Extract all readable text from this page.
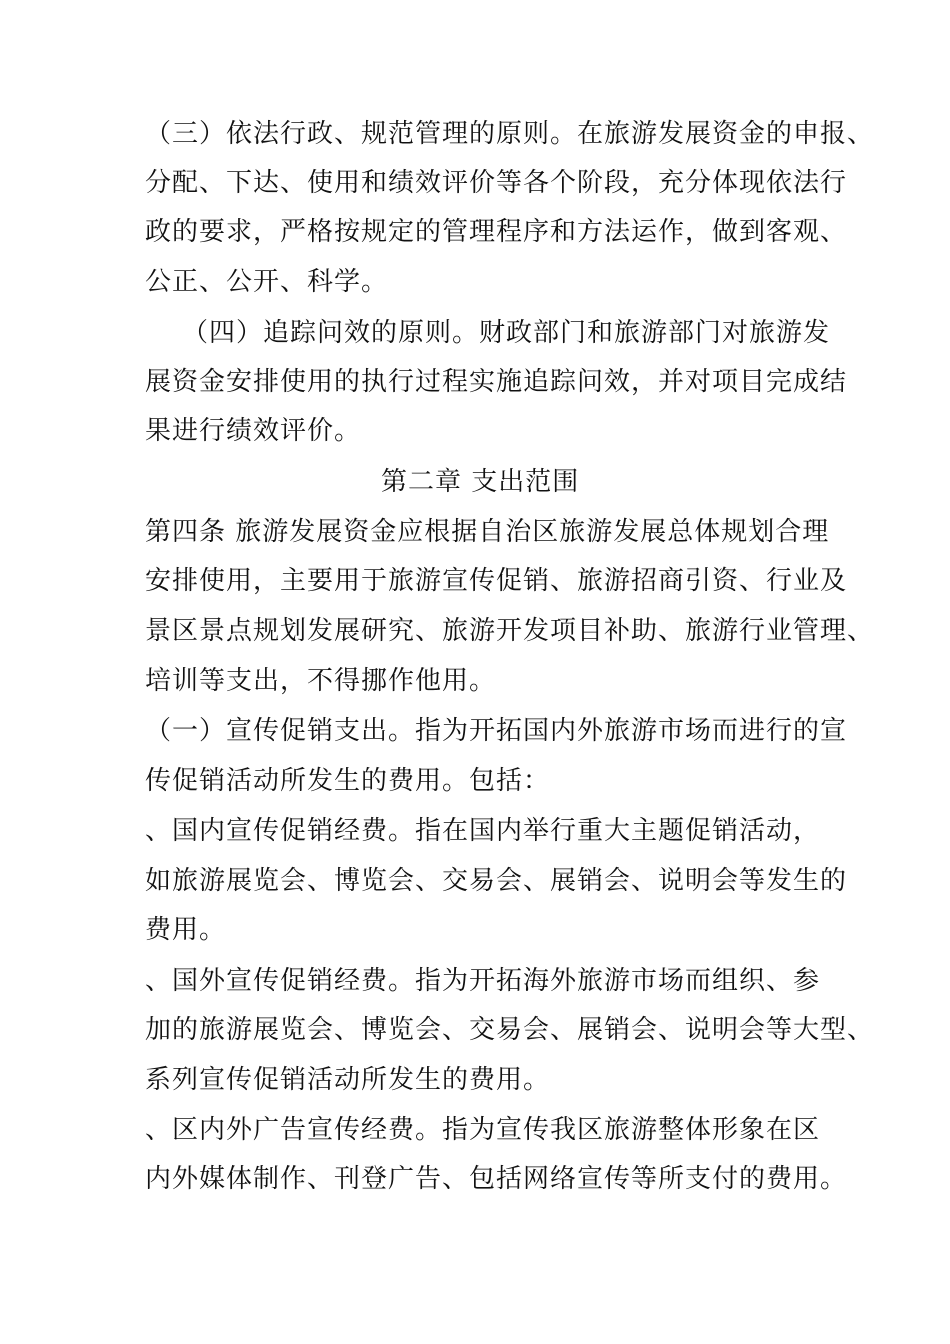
（三）依法行政、规范管理的原则。在旅游发展资金的申报、
分配、下达、使用和绩效评价等各个阶段，充分体现依法行
政的要求，严格按规定的管理程序和方法运作，做到客观、
公正、公开、科学。
（四）追踪问效的原则。财政部门和旅游部门对旅游发
展资金安排使用的执行过程实施追踪问效，并对项目完成结
果进行绩效评价。
第二章 支出范围
第四条 旅游发展资金应根据自治区旅游发展总体规划合理
安排使用，主要用于旅游宣传促销、旅游招商引资、行业及
景区景点规划发展研究、旅游开发项目补助、旅游行业管理、
培训等支出，不得挪作他用。
（一）宣传促销支出。指为开拓国内外旅游市场而进行的宣
传促销活动所发生的费用。包括：
、国内宣传促销经费。指在国内举行重大主题促销活动，
如旅游展览会、博览会、交易会、展销会、说明会等发生的
费用。
、国外宣传促销经费。指为开拓海外旅游市场而组织、参
加的旅游展览会、博览会、交易会、展销会、说明会等大型、
系列宣传促销活动所发生的费用。
、区内外广告宣传经费。指为宣传我区旅游整体形象在区
内外媒体制作、刊登广告、包括网络宣传等所支付的费用。
